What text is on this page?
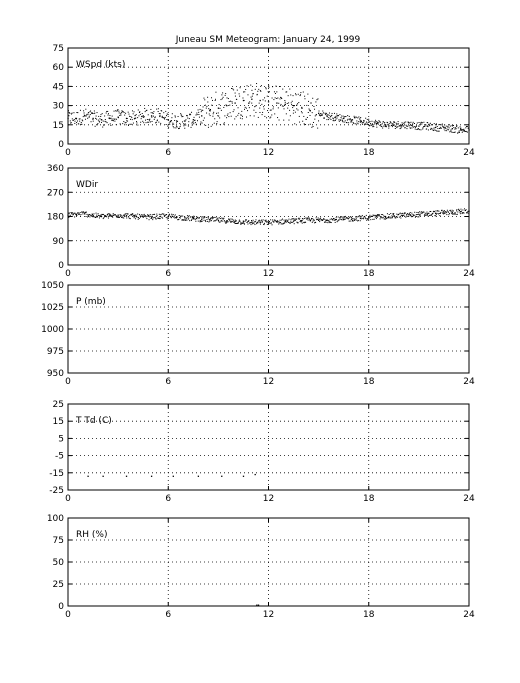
Juneau SM Meteogram: January 24, 1999
0	6	12	18	24
0
15
30
45
60
75
WSpd (kts)
0	6	12	18	24
0
90
180
270
360
WDir
0	6	12	18	24
950
975
1000
1025
1050
P (mb)
0	6	12	18	24
-25
-15
-5
5
15
25
T Td (C)
0	6	12	18	24
0
25
50
75
100
RH (%)
